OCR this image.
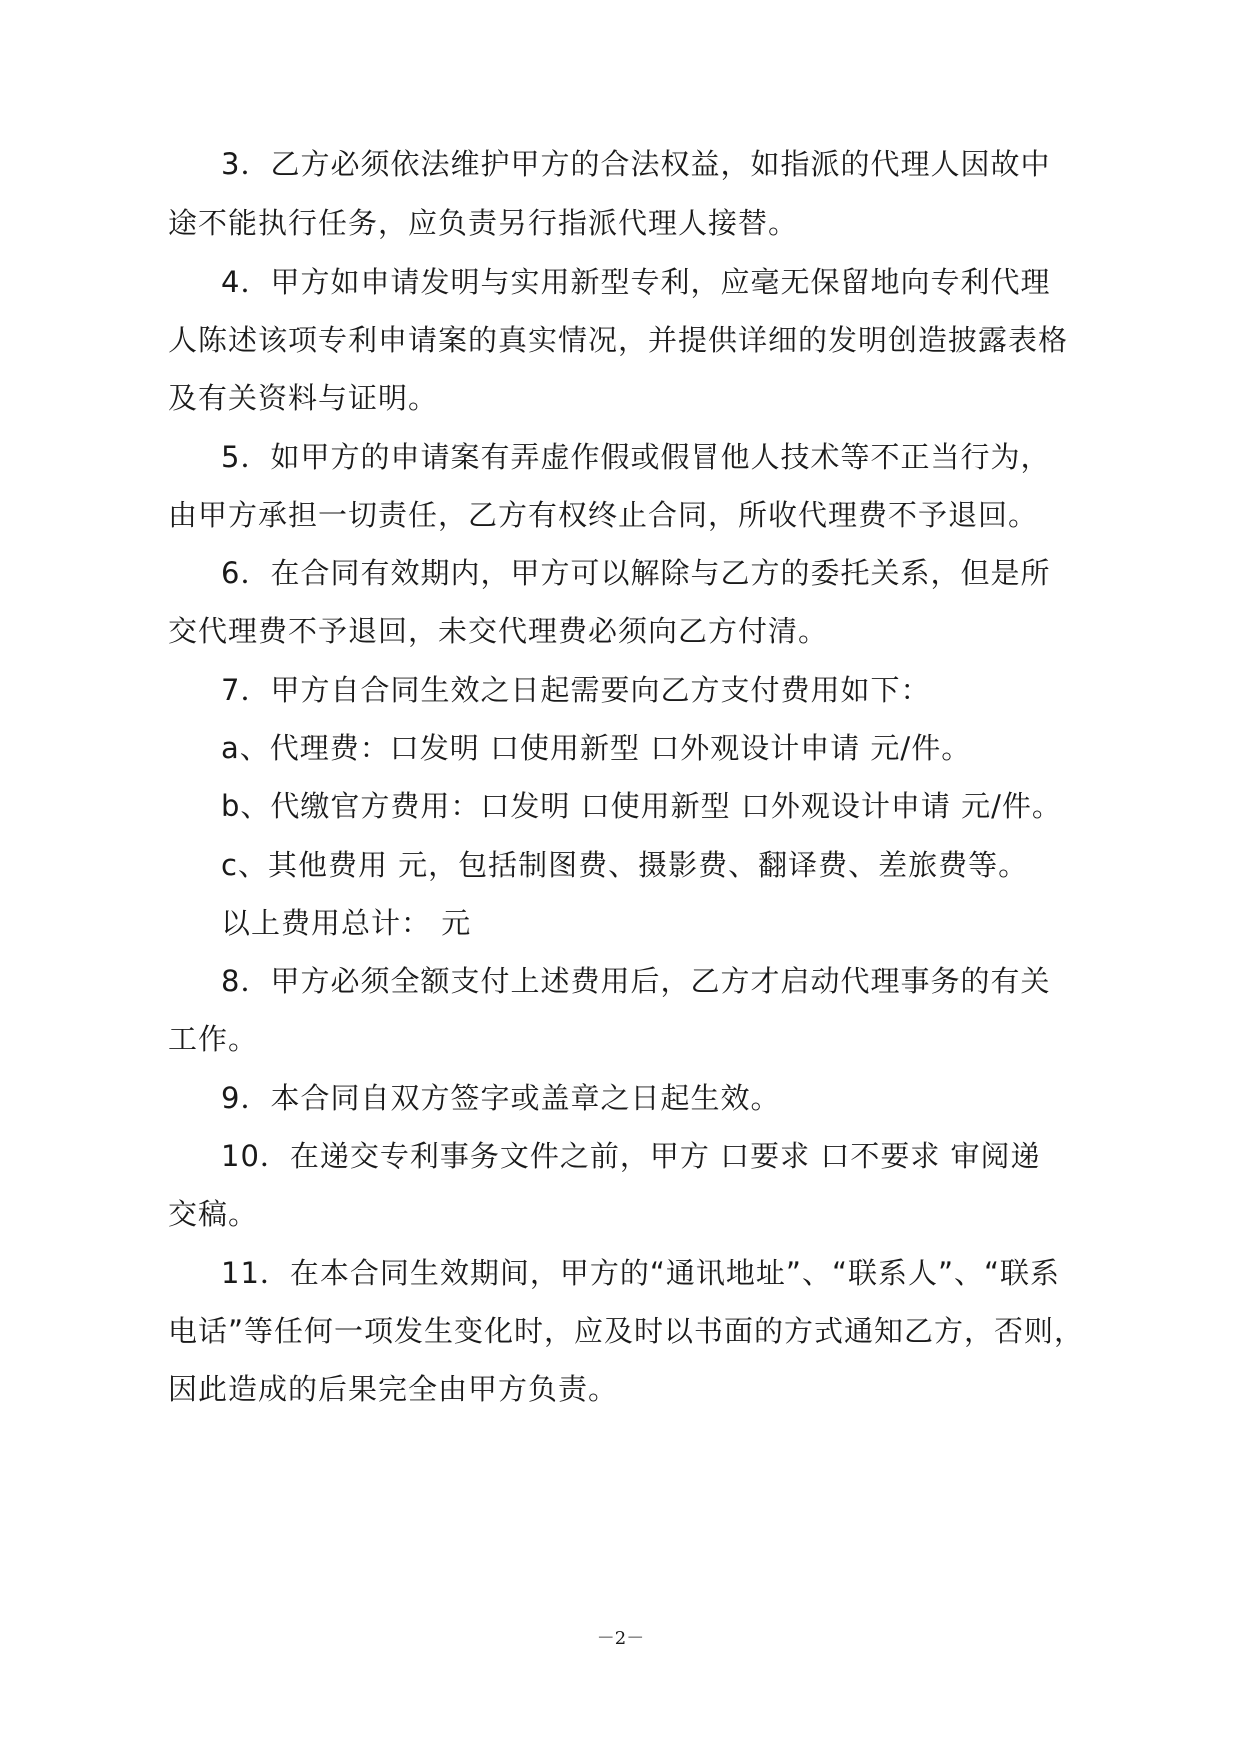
3．乙方必须依法维护甲方的合法权益，如指派的代理人因故中
途不能执行任务，应负责另行指派代理人接替。
4．甲方如申请发明与实用新型专利，应毫无保留地向专利代理
人陈述该项专利申请案的真实情况，并提供详细的发明创造披露表格
及有关资料与证明。
5．如甲方的申请案有弄虚作假或假冒他人技术等不正当行为，
由甲方承担一切责任，乙方有权终止合同，所收代理费不予退回。
6．在合同有效期内，甲方可以解除与乙方的委托关系，但是所
交代理费不予退回，未交代理费必须向乙方付清。
7．甲方自合同生效之日起需要向乙方支付费用如下：
a、代理费：口发明 口使用新型 口外观设计申请 元/件。
b、代缴官方费用：口发明 口使用新型 口外观设计申请 元/件。
c、其他费用 元，包括制图费、摄影费、翻译费、差旅费等。
以上费用总计： 元
8．甲方必须全额支付上述费用后，乙方才启动代理事务的有关
工作。
9．本合同自双方签字或盖章之日起生效。
10．在递交专利事务文件之前，甲方 口要求 口不要求 审阅递
交稿。
11．在本合同生效期间，甲方的“通讯地址”、“联系人”、“联系
电话”等任何一项发生变化时，应及时以书面的方式通知乙方，否则，
因此造成的后果完全由甲方负责。
－2－
